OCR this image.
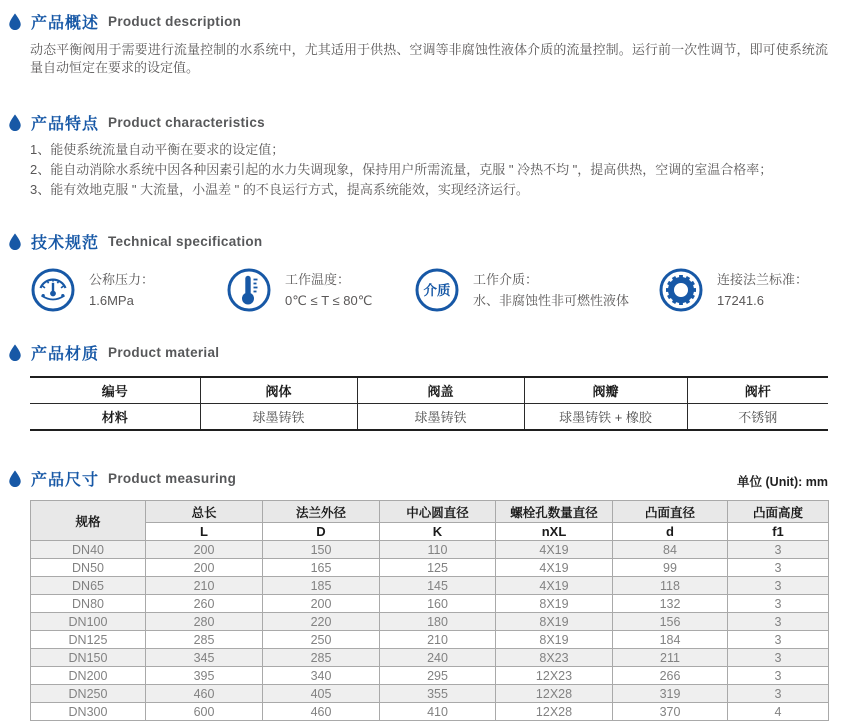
产品概述 Product description
动态平衡阀用于需要进行流量控制的水系统中，尤其适用于供热、空调等非腐蚀性液体介质的流量控制。运行前一次性调节，即可使系统流量自动恒定在要求的设定值。
产品特点 Product characteristics
1、能使系统流量自动平衡在要求的设定值；
2、能自动消除水系统中因各种因素引起的水力失调现象，保持用户所需流量，克服 " 冷热不均 "，提高供热，空调的室温合格率；
3、能有效地克服 " 大流量，小温差 " 的不良运行方式，提高系统能效，实现经济运行。
技术规范 Technical specification
公称压力：
1.6MPa
工作温度：
0℃ ≤ T ≤ 80℃
介质
工作介质：
水、非腐蚀性非可燃性液体
连接法兰标准：
17241.6
产品材质 Product material
编号	阀体	阀盖	阀瓣	阀杆
材料	球墨铸铁	球墨铸铁	球墨铸铁 + 橡胶	不锈钢
产品尺寸 Product measuring	单位 (Unit): mm
规格	总长	法兰外径	中心圆直径	螺栓孔数量直径	凸面直径	凸面高度
	L	D	K	nXL	d	f1
DN40	200	150	110	4X19	84	3
DN50	200	165	125	4X19	99	3
DN65	210	185	145	4X19	118	3
DN80	260	200	160	8X19	132	3
DN100	280	220	180	8X19	156	3
DN125	285	250	210	8X19	184	3
DN150	345	285	240	8X23	211	3
DN200	395	340	295	12X23	266	3
DN250	460	405	355	12X28	319	3
DN300	600	460	410	12X28	370	4
